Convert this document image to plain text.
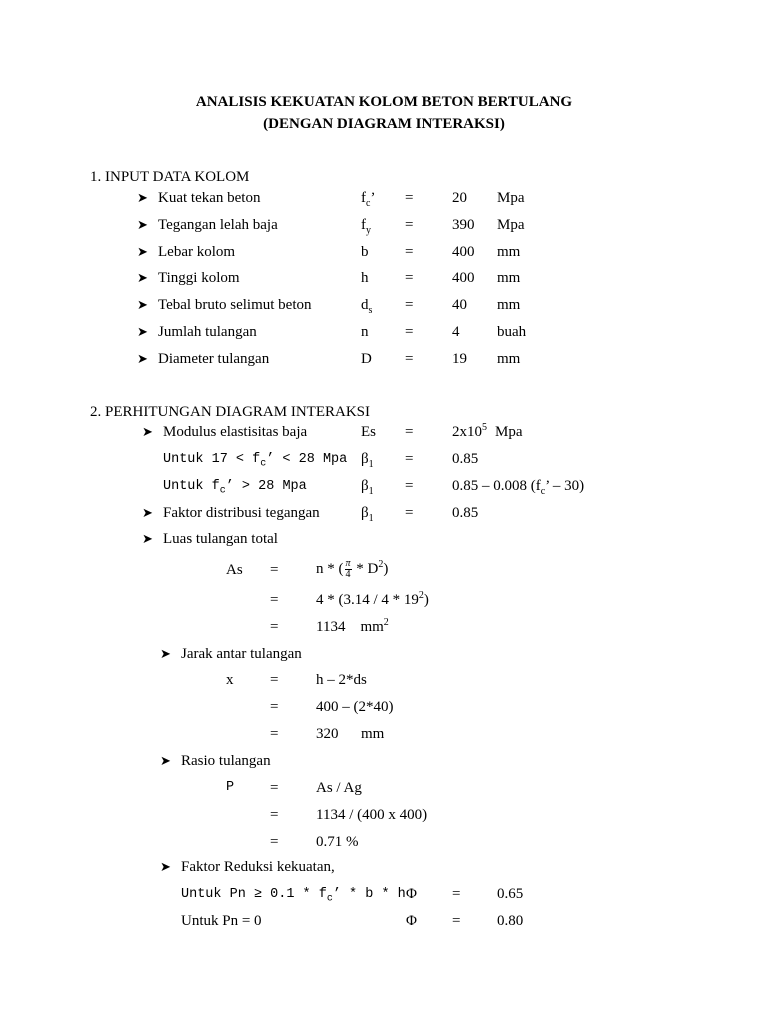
ANALISIS KEKUATAN KOLOM BETON BERTULANG
(DENGAN DIAGRAM INTERAKSI)
1. INPUT DATA KOLOM
➤ Kuat tekan beton	$f_c$’ =	20 Mpa
➤ Tegangan lelah baja	$f_y$ =	390 Mpa
➤ Lebar kolom	b =	400 mm
➤ Tinggi kolom	h =	400 mm
➤ Tebal bruto selimut beton	$d_s$ =	40 mm
➤ Jumlah tulangan	n =	4	buah
➤ Diameter tulangan	D =	19 mm
2. PERHITUNGAN DIAGRAM INTERAKSI
➤ Modulus elastisitas baja	Es =	$2x10^5$ Mpa
Untuk $17 < f_c$’ < 28 Mpa $\beta_1$ =	0.85
Untuk $f_c$’ > 28 Mpa	$\beta_1$ =	0.85 – 0.008 ($f_c$’ – 30)
➤ Faktor distribusi tegangan	$\beta_1$ =	0.85
➤ Luas tulangan total
As =	n * ( $\frac{\pi}{4} * D^2$)
=	$4 * (3.14 / 4 * 19^2)$
=	1134    $mm^2$
➤ Jarak antar tulangan
x =	h – 2*ds
=	400 – (2*40)
=	320      mm
➤ Rasio tulangan
P =	As / Ag
=	1134 / (400 x 400)
=	0.71 %
➤ Faktor Reduksi kekuatan,
Untuk $Pn \ge 0.1 * f_c$’ * b * h Φ = 0.65
Untuk Pn = 0	Φ = 0.80
